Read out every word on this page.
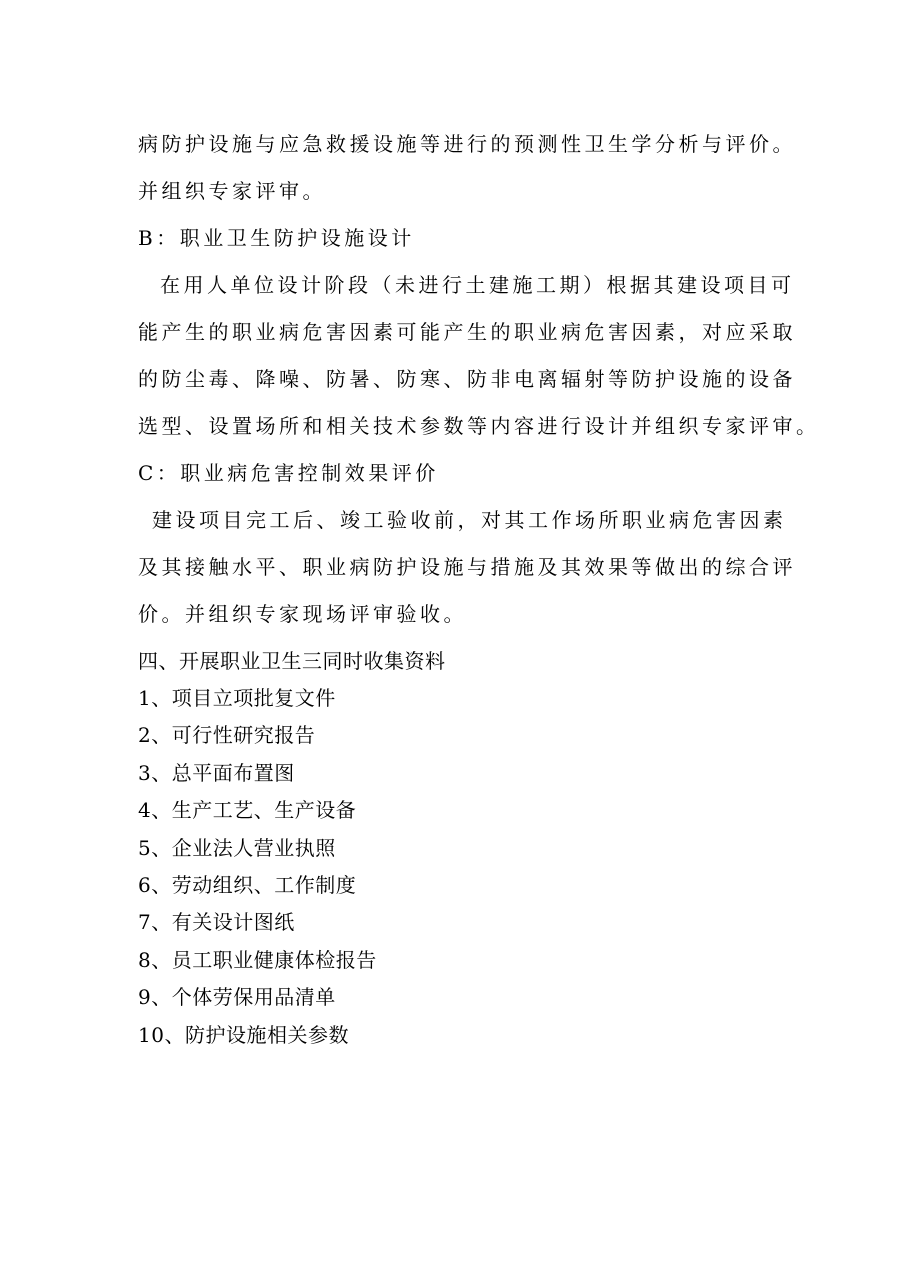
病防护设施与应急救援设施等进行的预测性卫生学分析与评价。
并组织专家评审。
B：职业卫生防护设施设计
在用人单位设计阶段（未进行土建施工期）根据其建设项目可
能产生的职业病危害因素可能产生的职业病危害因素，对应采取
的防尘毒、降噪、防暑、防寒、防非电离辐射等防护设施的设备
选型、设置场所和相关技术参数等内容进行设计并组织专家评审。
C：职业病危害控制效果评价
建设项目完工后、竣工验收前，对其工作场所职业病危害因素
及其接触水平、职业病防护设施与措施及其效果等做出的综合评
价。并组织专家现场评审验收。
四、开展职业卫生三同时收集资料
1、项目立项批复文件
2、可行性研究报告
3、总平面布置图
4、生产工艺、生产设备
5、企业法人营业执照
6、劳动组织、工作制度
7、有关设计图纸
8、员工职业健康体检报告
9、个体劳保用品清单
10、防护设施相关参数
